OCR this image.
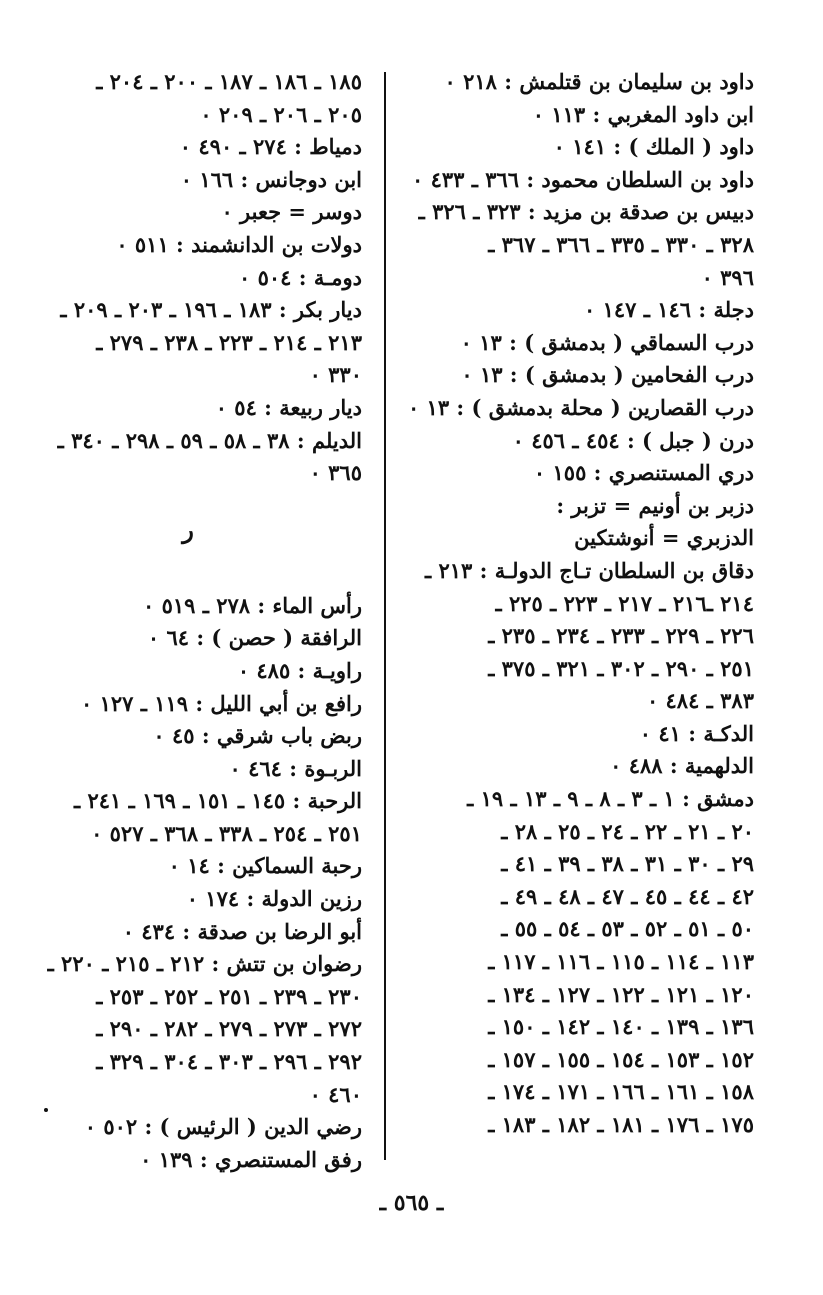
داود بن سليمان بن قتلمش : ٢١٨ ٠
ابن داود المغربي : ١١٣ ٠
داود ( الملك ) : ١٤١ ٠
داود بن السلطان محمود : ٣٦٦ ـ ٤٣٣ ٠
دبيس بن صدقة بن مزيد : ٣٢٣ ـ ٣٢٦ ـ
٣٢٨ ـ ٣٣٠ ـ ٣٣٥ ـ ٣٦٦ ـ ٣٦٧ ـ
٣٩٦ ٠
دجلة : ١٤٦ ـ ١٤٧ ٠
درب السماقي ( بدمشق ) : ١٣ ٠
درب الفحامين ( بدمشق ) : ١٣ ٠
درب القصارين ( محلة بدمشق ) : ١٣ ٠
درن ( جبل ) : ٤٥٤ ـ ٤٥٦ ٠
دري المستنصري : ١٥٥ ٠
دزبر بن أونيم = تزبر :
الدزبري = أنوشتكين
دقاق بن السلطان تـاج الدولـة : ٢١٣ ـ
٢١٤ ـ٢١٦ ـ ٢١٧ ـ ٢٢٣ ـ ٢٢٥ ـ
٢٢٦ ـ ٢٢٩ ـ ٢٣٣ ـ ٢٣٤ ـ ٢٣٥ ـ
٢٥١ ـ ٢٩٠ ـ ٣٠٢ ـ ٣٢١ ـ ٣٧٥ ـ
٣٨٣ ـ ٤٨٤ ٠
الدكـة : ٤١ ٠
الدلهمية : ٤٨٨ ٠
دمشق : ١ ـ ٣ ـ ٨ ـ ٩ ـ ١٣ ـ ١٩ ـ
٢٠ ـ ٢١ ـ ٢٢ ـ ٢٤ ـ ٢٥ ـ ٢٨ ـ
٢٩ ـ ٣٠ ـ ٣١ ـ ٣٨ ـ ٣٩ ـ ٤١ ـ
٤٢ ـ ٤٤ ـ ٤٥ ـ ٤٧ ـ ٤٨ ـ ٤٩ ـ
٥٠ ـ ٥١ ـ ٥٢ ـ ٥٣ ـ ٥٤ ـ ٥٥ ـ
١١٣ ـ ١١٤ ـ ١١٥ ـ ١١٦ ـ ١١٧ ـ
١٢٠ ـ ١٢١ ـ ١٢٢ ـ ١٢٧ ـ ١٣٤ ـ
١٣٦ ـ ١٣٩ ـ ١٤٠ ـ ١٤٢ ـ ١٥٠ ـ
١٥٢ ـ ١٥٣ ـ ١٥٤ ـ ١٥٥ ـ ١٥٧ ـ
١٥٨ ـ ١٦١ ـ ١٦٦ ـ ١٧١ ـ ١٧٤ ـ
١٧٥ ـ ١٧٦ ـ ١٨١ ـ ١٨٢ ـ ١٨٣ ـ
١٨٥ ـ ١٨٦ ـ ١٨٧ ـ ٢٠٠ ـ ٢٠٤ ـ
٢٠٥ ـ ٢٠٦ ـ ٢٠٩ ٠
دمياط : ٢٧٤ ـ ٤٩٠ ٠
ابن دوجانس : ١٦٦ ٠
دوسر = جعبر ٠
دولات بن الدانشمند : ٥١١ ٠
دومـة : ٥٠٤ ٠
ديار بكر : ١٨٣ ـ ١٩٦ ـ ٢٠٣ ـ ٢٠٩ ـ
٢١٣ ـ ٢١٤ ـ ٢٢٣ ـ ٢٣٨ ـ ٢٧٩ ـ
٣٣٠ ٠
ديار ربيعة : ٥٤ ٠
الديلم : ٣٨ ـ ٥٨ ـ ٥٩ ـ ٢٩٨ ـ ٣٤٠ ـ
٣٦٥ ٠
ر
رأس الماء : ٢٧٨ ـ ٥١٩ ٠
الرافقة ( حصن ) : ٦٤ ٠
راويـة : ٤٨٥ ٠
رافع بن أبي الليل : ١١٩ ـ ١٢٧ ٠
ربض باب شرقي : ٤٥ ٠
الربـوة : ٤٦٤ ٠
الرحبة : ١٤٥ ـ ١٥١ ـ ١٦٩ ـ ٢٤١ ـ
٢٥١ ـ ٢٥٤ ـ ٣٣٨ ـ ٣٦٨ ـ ٥٢٧ ٠
رحبة السماكين : ١٤ ٠
رزين الدولة : ١٧٤ ٠
أبو الرضا بن صدقة : ٤٣٤ ٠
رضوان بن تتش : ٢١٢ ـ ٢١٥ ـ ٢٢٠ ـ
٢٣٠ ـ ٢٣٩ ـ ٢٥١ ـ ٢٥٢ ـ ٢٥٣ ـ
٢٧٢ ـ ٢٧٣ ـ ٢٧٩ ـ ٢٨٢ ـ ٢٩٠ ـ
٢٩٢ ـ ٢٩٦ ـ ٣٠٣ ـ ٣٠٤ ـ ٣٢٩ ـ
٤٦٠ ٠
رضي الدين ( الرئيس ) : ٥٠٢ ٠
رفق المستنصري : ١٣٩ ٠
ـ ٥٦٥ ـ
